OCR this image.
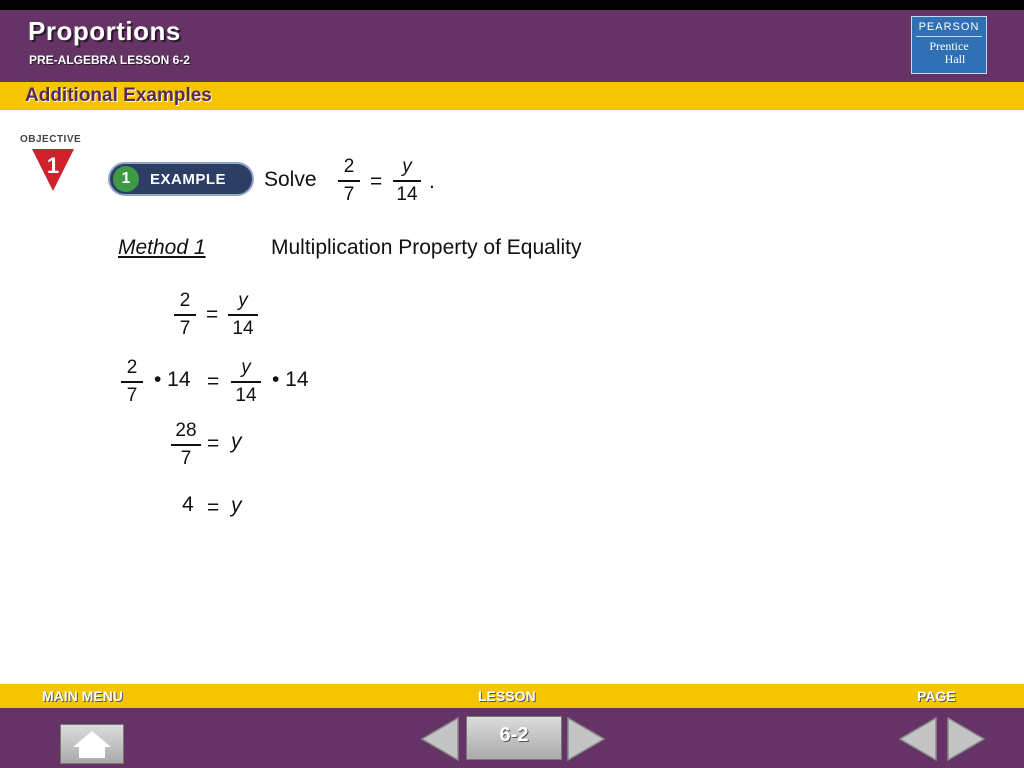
Proportions
PRE-ALGEBRA LESSON 6-2
PEARSON
Prentice
Hall
Additional Examples
OBJECTIVE
1
1	EXAMPLE Solve
2
7
=
y
14
.
Method 1	Multiplication Property of Equality
2
7
=
y
14
2
7
• 14 =
y
14
• 14
28
7
= y
4 = y
MAIN MENU	LESSON	PAGE
6-2
